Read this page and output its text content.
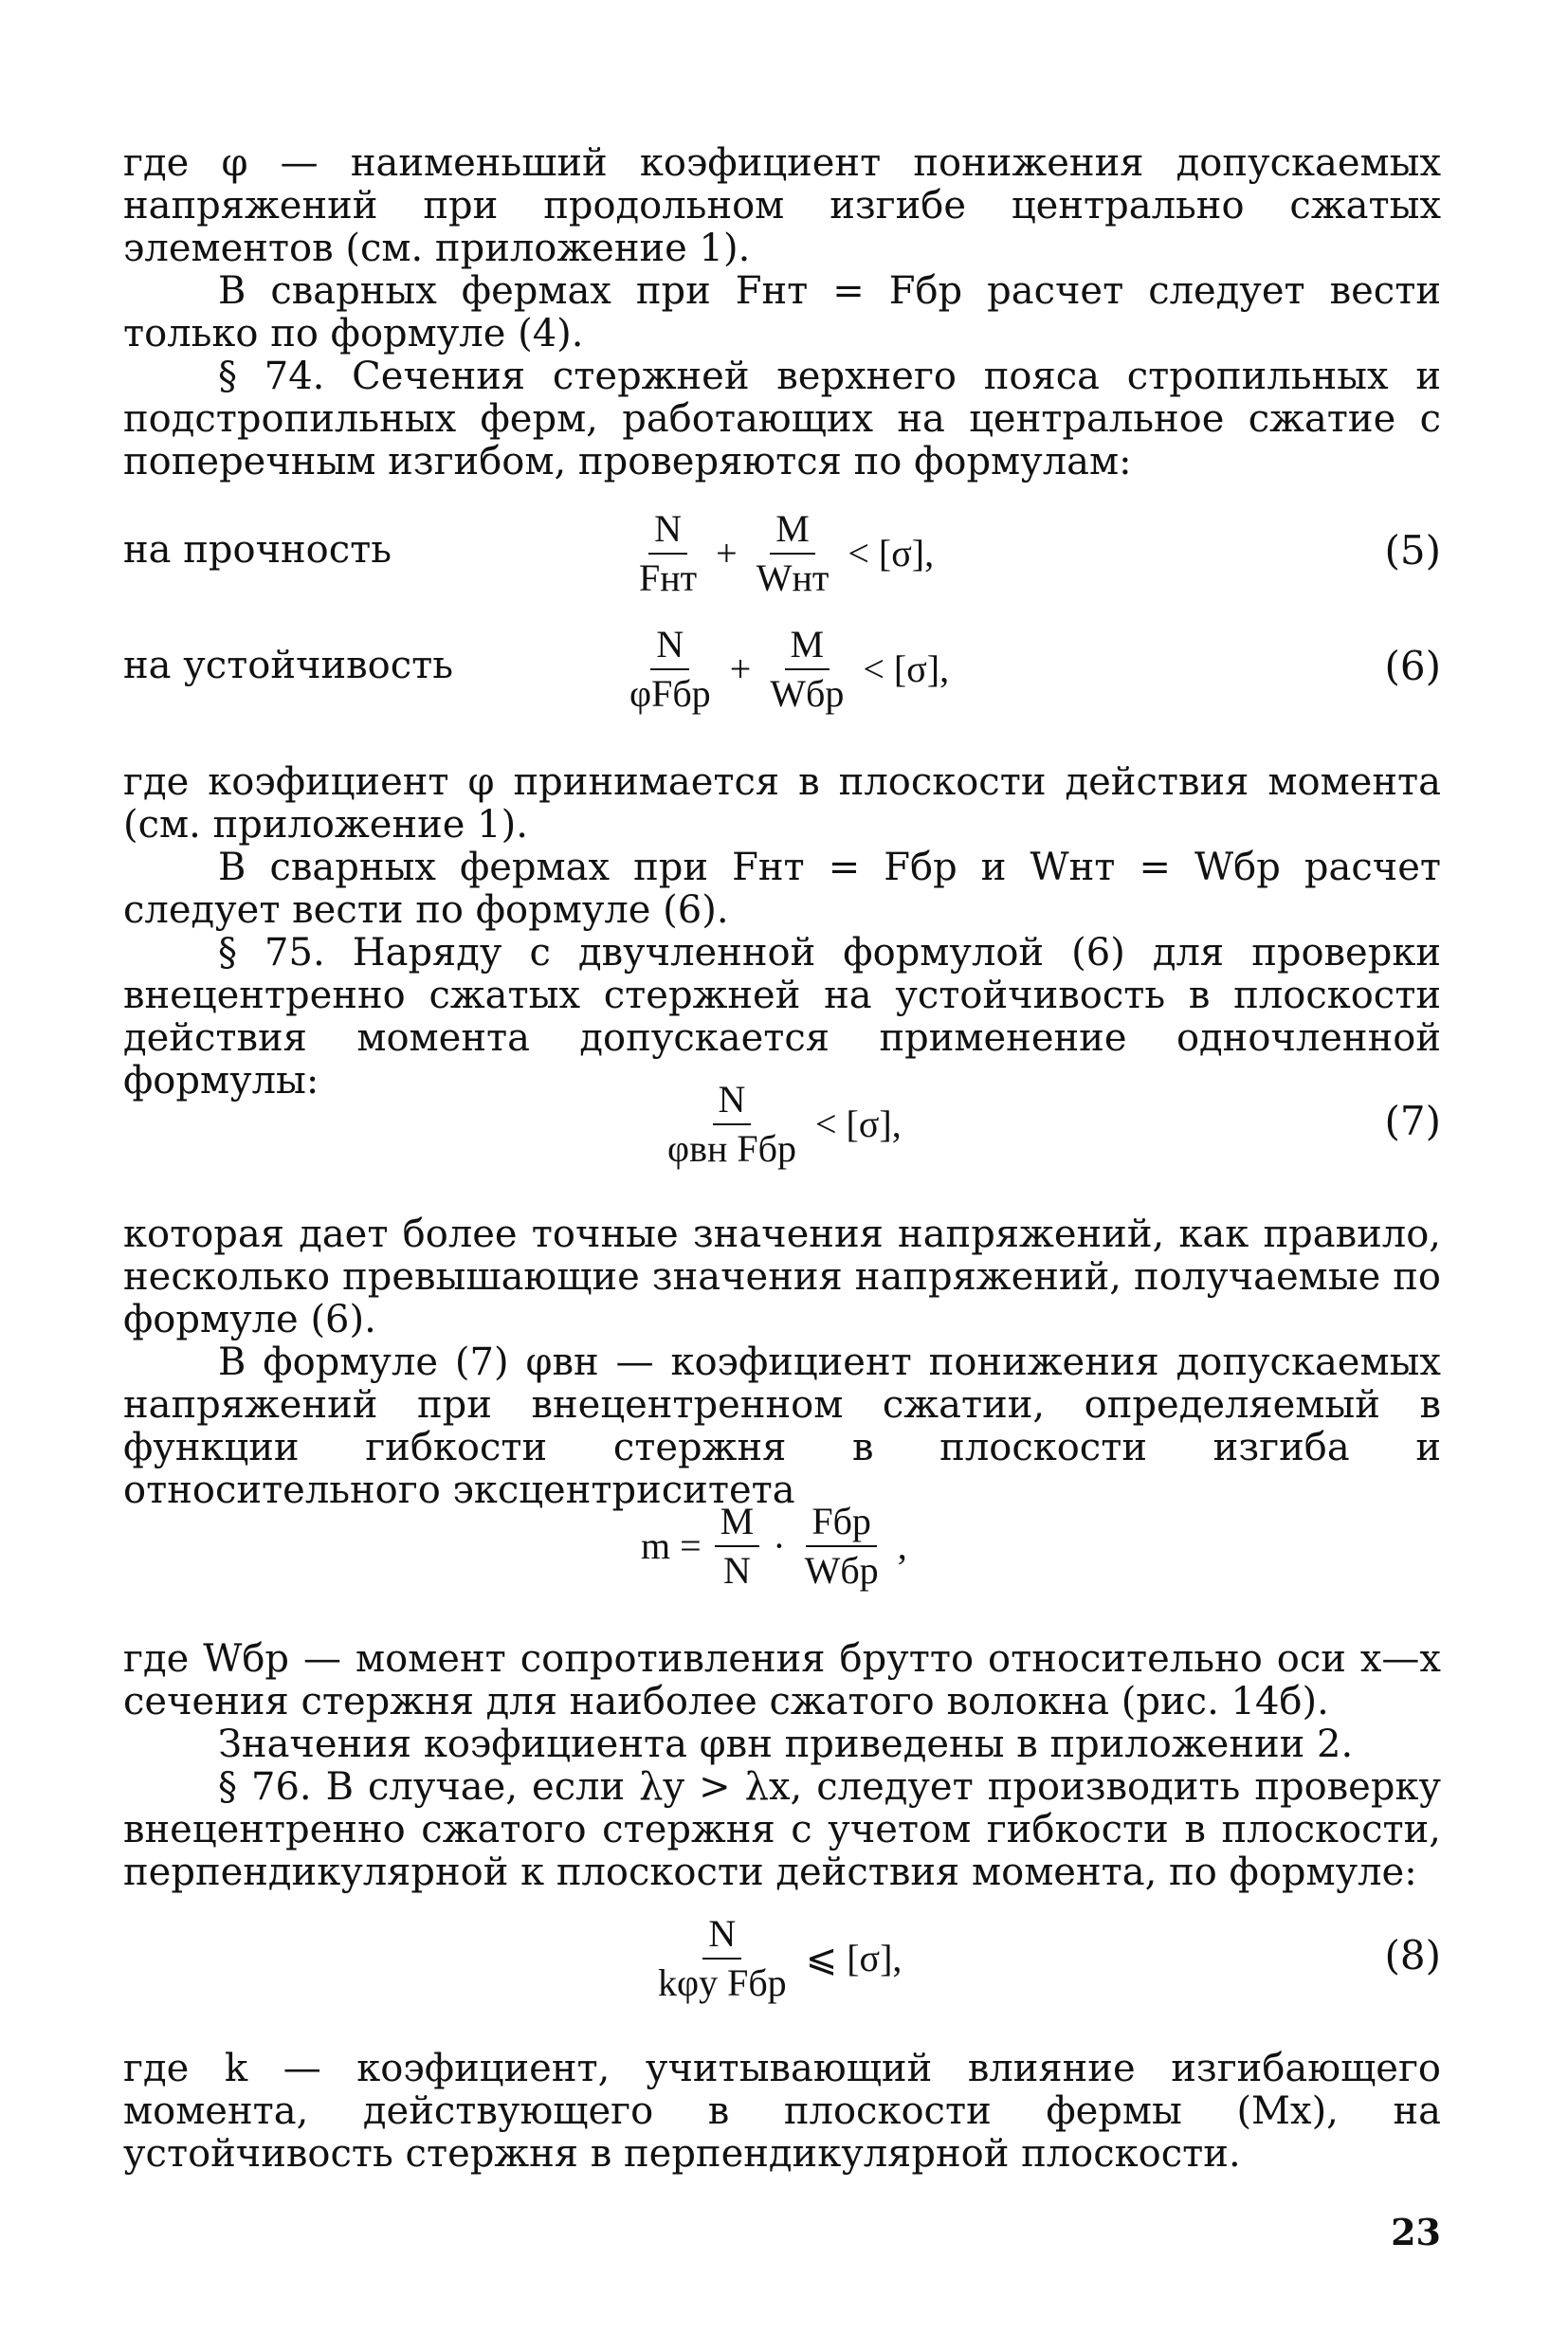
где φ — наименьший коэфициент понижения допускаемых напряжений при продольном изгибе центрально сжатых элементов (см. приложение 1).
В сварных фермах при Fнт = Fбр расчет следует вести только по формуле (4).
§ 74. Сечения стержней верхнего пояса стропильных и подстропильных ферм, работающих на центральное сжатие с поперечным изгибом, проверяются по формулам:
на прочность	$\frac{N}{\text{Fнт}} + \frac{M}{\text{Wнт}} < [\sigma]$,	(5)
на устойчивость	$\frac{N}{\text{φFбр}} + \frac{M}{\text{Wбр}} < [\sigma]$,	(6)
где коэфициент φ принимается в плоскости действия момента (см. приложение 1).
В сварных фермах при Fнт = Fбр и Wнт = Wбр расчет следует вести по формуле (6).
§ 75. Наряду с двучленной формулой (6) для проверки внецентренно сжатых стержней на устойчивость в плоскости действия момента допускается применение одночленной формулы:	$\frac{N}{\text{φвн Fбр}} < [\sigma]$,	(7)
которая дает более точные значения напряжений, как правило, несколько превышающие значения напряжений, получаемые по формуле (6).
В формуле (7) φвн — коэфициент понижения допускаемых напряжений при внецентренном сжатии, определяемый в функции гибкости стержня в плоскости изгиба и относительного эксцентриситета
$m = \frac{M}{N} \cdot \frac{\text{Fбр}}{\text{Wбр}}$ ,
где Wбр — момент сопротивления брутто относительно оси x—x сечения стержня для наиболее сжатого волокна (рис. 14б).
Значения коэфициента φвн приведены в приложении 2.
§ 76. В случае, если λy > λx, следует производить проверку внецентренно сжатого стержня с учетом гибкости в плоскости, перпендикулярной к плоскости действия момента, по формуле:
$\frac{N}{\text{kφy Fбр}}$ ⩽ [σ],	(8)
где k — коэфициент, учитывающий влияние изгибающего момента, действующего в плоскости фермы (Mx), на устойчивость стержня в перпендикулярной плоскости.
23
